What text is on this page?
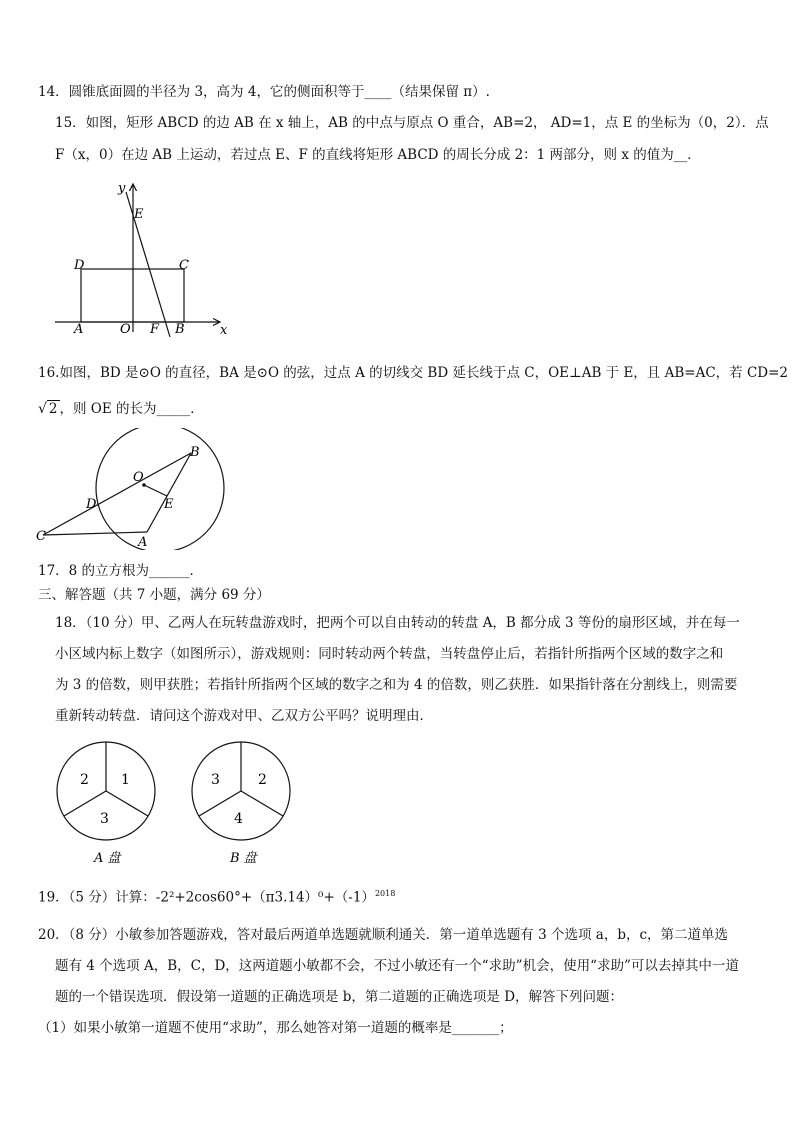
14．圆锥底面圆的半径为 3，高为 4，它的侧面积等于____（结果保留 π）.
15．如图，矩形 ABCD 的边 AB 在 x 轴上，AB 的中点与原点 O 重合，AB=2， AD=1，点 E 的坐标为（0，2）．点
F（x，0）在边 AB 上运动，若过点 E、F 的直线将矩形 ABCD 的周长分成 2：1 两部分，则 x 的值为__．
y
x
E
D	C
A	O F B
16.如图，BD 是⊙O 的直径，BA 是⊙O 的弦，过点 A 的切线交 BD 延长线于点 C，OE⊥AB 于 E，且 AB=AC，若 CD=2
√ 2 ，则 OE 的长为_____．
B
O
D	E
C	A
17．8 的立方根为______．
三、解答题（共 7 小题，满分 69 分）
18．（10 分）甲、乙两人在玩转盘游戏时，把两个可以自由转动的转盘 A，B 都分成 3 等份的扇形区域，并在每一
小区域内标上数字（如图所示），游戏规则：同时转动两个转盘，当转盘停止后，若指针所指两个区域的数字之和
为 3 的倍数，则甲获胜；若指针所指两个区域的数字之和为 4 的倍数，则乙获胜．如果指针落在分割线上，则需要
重新转动转盘．请问这个游戏对甲、乙双方公平吗？说明理由．
2 1
3
A 盘
3	2
4
B 盘
19．（5 分）计算：$-2^2+2\cos 60^\circ+(\pi 3.14)^0+(-1)^{2018}$
20．（8 分）小敏参加答题游戏，答对最后两道单选题就顺利通关．第一道单选题有 3 个选项 a，b，c，第二道单选
题有 4 个选项 A，B，C，D，这两道题小敏都不会，不过小敏还有一个“求助”机会，使用“求助”可以去掉其中一道
题的一个错误选项．假设第一道题的正确选项是 b，第二道题的正确选项是 D，解答下列问题：
（1）如果小敏第一道题不使用“求助”，那么她答对第一道题的概率是_______；
